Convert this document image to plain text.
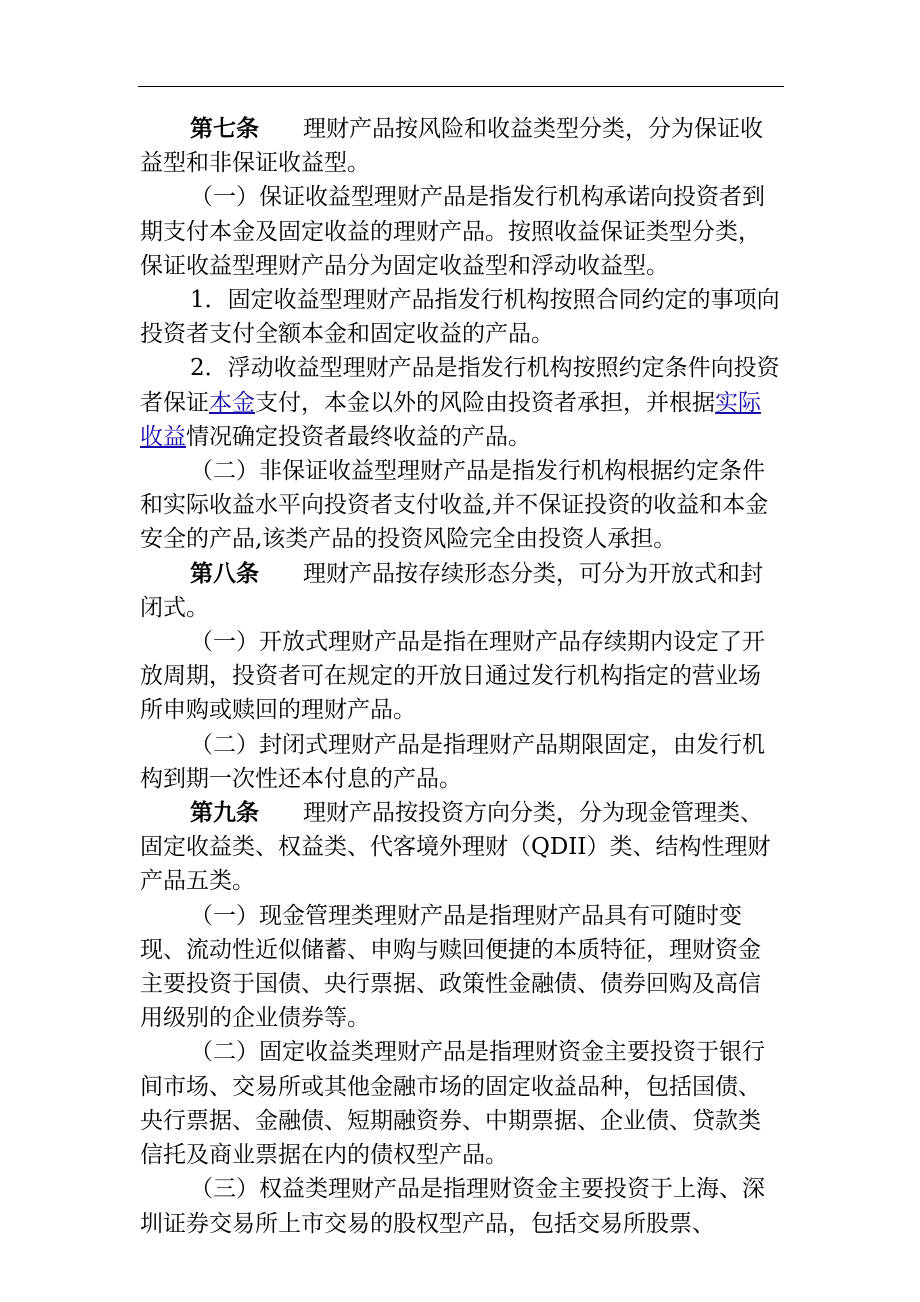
第七条 理财产品按风险和收益类型分类，分为保证收益型和非保证收益型。

（一）保证收益型理财产品是指发行机构承诺向投资者到期支付本金及固定收益的理财产品。按照收益保证类型分类，保证收益型理财产品分为固定收益型和浮动收益型。

1．固定收益型理财产品指发行机构按照合同约定的事项向投资者支付全额本金和固定收益的产品。

2．浮动收益型理财产品是指发行机构按照约定条件向投资者保证本金支付，本金以外的风险由投资者承担，并根据实际收益情况确定投资者最终收益的产品。

（二）非保证收益型理财产品是指发行机构根据约定条件和实际收益水平向投资者支付收益,并不保证投资的收益和本金安全的产品,该类产品的投资风险完全由投资人承担。

第八条 理财产品按存续形态分类，可分为开放式和封闭式。

（一）开放式理财产品是指在理财产品存续期内设定了开放周期，投资者可在规定的开放日通过发行机构指定的营业场所申购或赎回的理财产品。

（二）封闭式理财产品是指理财产品期限固定，由发行机构到期一次性还本付息的产品。

第九条 理财产品按投资方向分类，分为现金管理类、固定收益类、权益类、代客境外理财（QDII）类、结构性理财产品五类。

（一）现金管理类理财产品是指理财产品具有可随时变现、流动性近似储蓄、申购与赎回便捷的本质特征，理财资金主要投资于国债、央行票据、政策性金融债、债券回购及高信用级别的企业债券等。

（二）固定收益类理财产品是指理财资金主要投资于银行间市场、交易所或其他金融市场的固定收益品种，包括国债、央行票据、金融债、短期融资券、中期票据、企业债、贷款类信托及商业票据在内的债权型产品。

（三）权益类理财产品是指理财资金主要投资于上海、深圳证券交易所上市交易的股权型产品，包括交易所股票、
